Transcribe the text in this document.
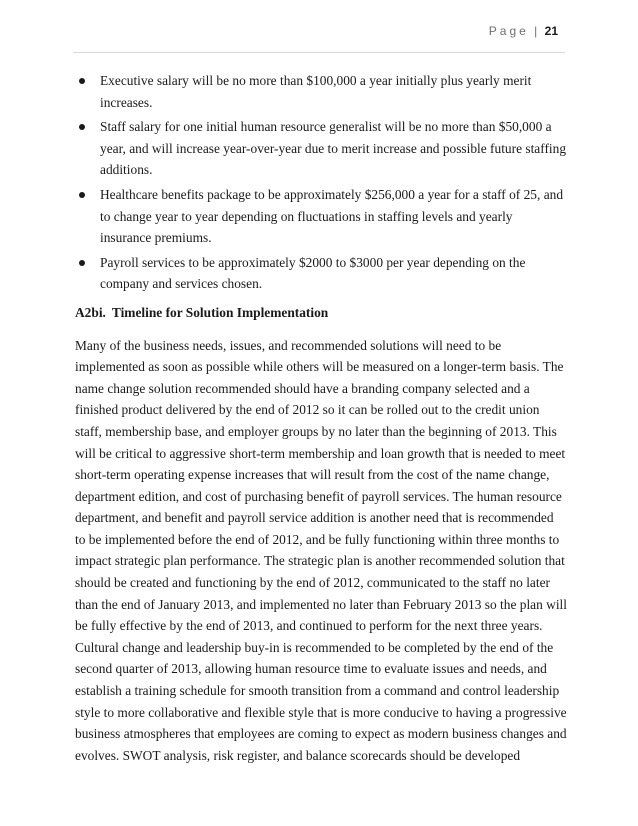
Page | 21
Executive salary will be no more than $100,000 a year initially plus yearly merit increases.
Staff salary for one initial human resource generalist will be no more than $50,000 a year, and will increase year-over-year due to merit increase and possible future staffing additions.
Healthcare benefits package to be approximately $256,000 a year for a staff of 25, and to change year to year depending on fluctuations in staffing levels and yearly insurance premiums.
Payroll services to be approximately $2000 to $3000 per year depending on the company and services chosen.
A2bi. Timeline for Solution Implementation

Many of the business needs, issues, and recommended solutions will need to be implemented as soon as possible while others will be measured on a longer-term basis. The name change solution recommended should have a branding company selected and a finished product delivered by the end of 2012 so it can be rolled out to the credit union staff, membership base, and employer groups by no later than the beginning of 2013. This will be critical to aggressive short-term membership and loan growth that is needed to meet short-term operating expense increases that will result from the cost of the name change, department edition, and cost of purchasing benefit of payroll services. The human resource department, and benefit and payroll service addition is another need that is recommended to be implemented before the end of 2012, and be fully functioning within three months to impact strategic plan performance. The strategic plan is another recommended solution that should be created and functioning by the end of 2012, communicated to the staff no later than the end of January 2013, and implemented no later than February 2013 so the plan will be fully effective by the end of 2013, and continued to perform for the next three years. Cultural change and leadership buy-in is recommended to be completed by the end of the second quarter of 2013, allowing human resource time to evaluate issues and needs, and establish a training schedule for smooth transition from a command and control leadership style to more collaborative and flexible style that is more conducive to having a progressive business atmospheres that employees are coming to expect as modern business changes and evolves. SWOT analysis, risk register, and balance scorecards should be developed
